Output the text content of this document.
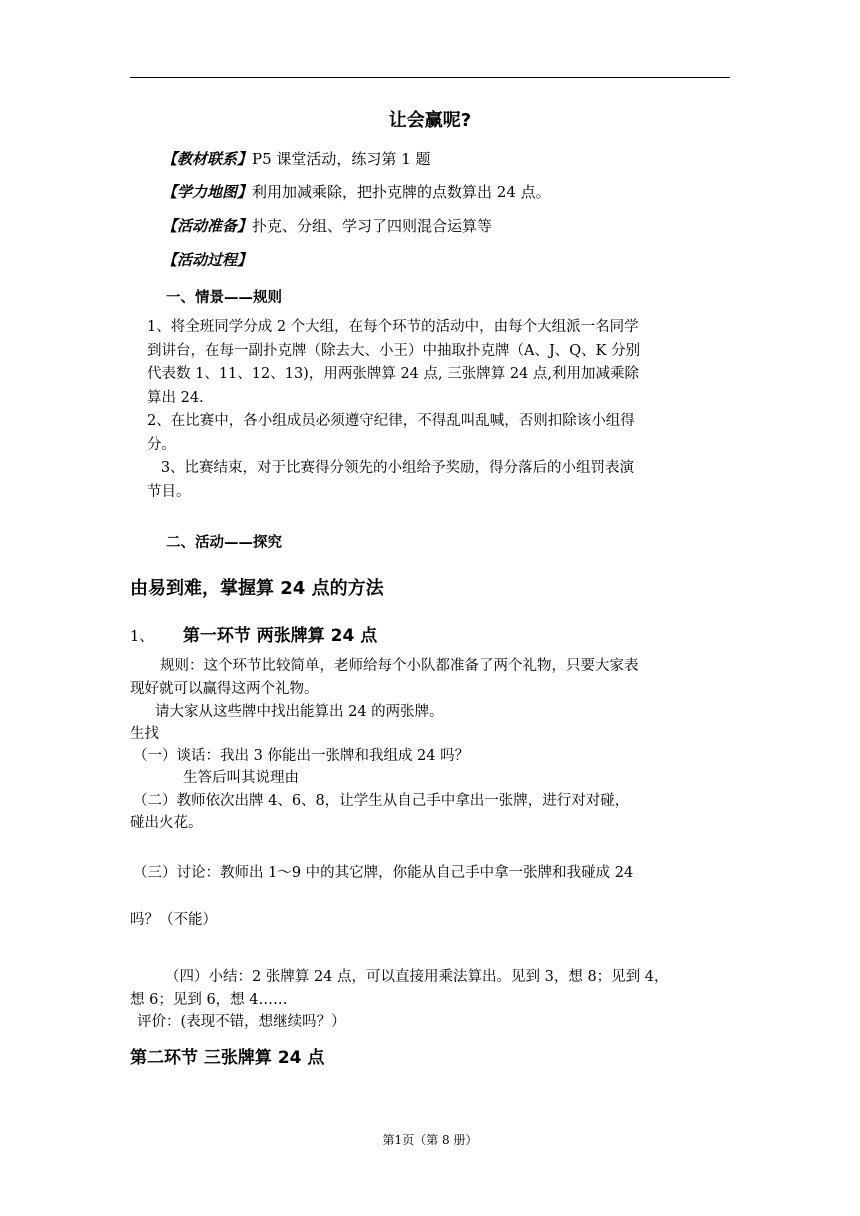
让会赢呢?
【教材联系】P5 课堂活动，练习第 1 题
【学力地图】利用加减乘除，把扑克牌的点数算出 24 点。
【活动准备】扑克、分组、学习了四则混合运算等
【活动过程】
一、情景——规则
1、将全班同学分成 2 个大组，在每个环节的活动中，由每个大组派一名同学
到讲台，在每一副扑克牌（除去大、小王）中抽取扑克牌（A、J、Q、K 分别
代表数 1、11、12、13)，用两张牌算 24 点, 三张牌算 24 点,利用加减乘除
算出 24.
2、在比赛中，各小组成员必须遵守纪律，不得乱叫乱喊，否则扣除该小组得
分。
3、比赛结束，对于比赛得分领先的小组给予奖励，得分落后的小组罚表演
节目。
二、活动——探究
由易到难，掌握算 24 点的方法
1、 第一环节 两张牌算 24 点
规则：这个环节比较简单，老师给每个小队都准备了两个礼物，只要大家表
现好就可以赢得这两个礼物。
请大家从这些牌中找出能算出 24 的两张牌。
生找
（一）谈话：我出 3 你能出一张牌和我组成 24 吗？
生答后叫其说理由
（二）教师依次出牌 4、6、8，让学生从自己手中拿出一张牌，进行对对碰，
碰出火花。
（三）讨论：教师出 1～9 中的其它牌，你能从自己手中拿一张牌和我碰成 24
吗？（不能）
（四）小结：2 张牌算 24 点，可以直接用乘法算出。见到 3，想 8；见到 4，
想 6；见到 6，想 4……
评价：(表现不错，想继续吗？）
第二环节 三张牌算 24 点
第1页（第 8 册）
